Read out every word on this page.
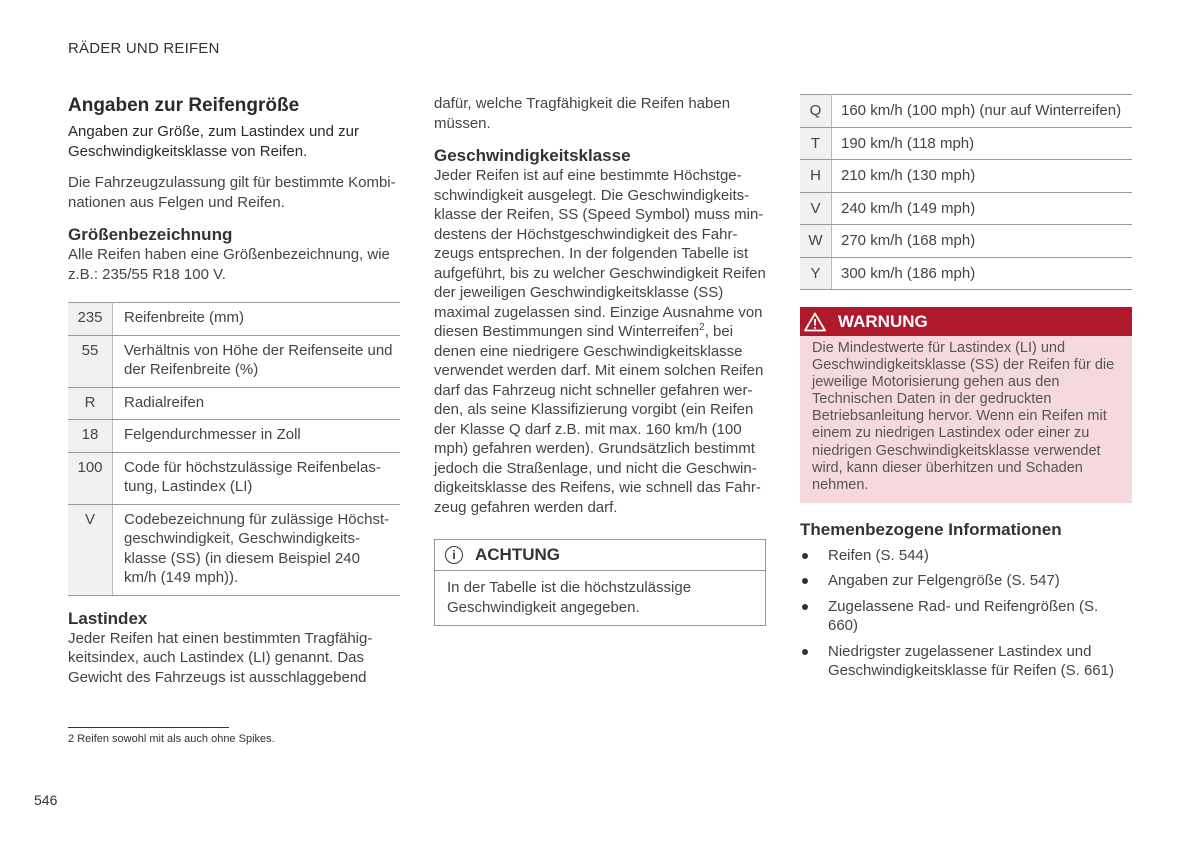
RÄDER UND REIFEN
Angaben zur Reifengröße

Angaben zur Größe, zum Lastindex und zur Geschwindigkeitsklasse von Reifen.

Die Fahrzeugzulassung gilt für bestimmte Kombinationen aus Felgen und Reifen.

Größenbezeichnung

Alle Reifen haben eine Größenbezeichnung, wie z.B.: 235/55 R18 100 V.

235	Reifenbreite (mm)
55	Verhältnis von Höhe der Reifenseite und der Reifenbreite (%)
R	Radialreifen
18	Felgendurchmesser in Zoll
100	Code für höchstzulässige Reifenbelastung, Lastindex (LI)
V	Codebezeichnung für zulässige Höchstgeschwindigkeit, Geschwindigkeitsklasse (SS) (in diesem Beispiel 240 km/h (149 mph)).
Lastindex

Jeder Reifen hat einen bestimmten Tragfähigkeitsindex, auch Lastindex (LI) genannt. Das Gewicht des Fahrzeugs ist ausschlaggebend

dafür, welche Tragfähigkeit die Reifen haben müssen.

Geschwindigkeitsklasse

Jeder Reifen ist auf eine bestimmte Höchstgeschwindigkeit ausgelegt. Die Geschwindigkeitsklasse der Reifen, SS (Speed Symbol) muss mindestens der Höchstgeschwindigkeit des Fahrzeugs entsprechen. In der folgenden Tabelle ist aufgeführt, bis zu welcher Geschwindigkeit Reifen der jeweiligen Geschwindigkeitsklasse (SS) maximal zugelassen sind. Einzige Ausnahme von diesen Bestimmungen sind Winterreifen$^2$, bei denen eine niedrigere Geschwindigkeitsklasse verwendet werden darf. Mit einem solchen Reifen darf das Fahrzeug nicht schneller gefahren werden, als seine Klassifizierung vorgibt (ein Reifen der Klasse Q darf z.B. mit max. 160 km/h (100 mph) gefahren werden). Grundsätzlich bestimmt jedoch die Straßenlage, und nicht die Geschwindigkeitsklasse des Reifens, wie schnell das Fahrzeug gefahren werden darf.

i	ACHTUNG

In der Tabelle ist die höchstzulässige Geschwindigkeit angegeben.

Q	160 km/h (100 mph) (nur auf Winterreifen)
T	190 km/h (118 mph)
H	210 km/h (130 mph)
V	240 km/h (149 mph)
W	270 km/h (168 mph)
Y	300 km/h (186 mph)
WARNUNG
Die Mindestwerte für Lastindex (LI) und Geschwindigkeitsklasse (SS) der Reifen für die jeweilige Motorisierung gehen aus den Technischen Daten in der gedruckten Betriebsanleitung hervor. Wenn ein Reifen mit einem zu niedrigen Lastindex oder einer zu niedrigen Geschwindigkeitsklasse verwendet wird, kann dieser überhitzen und Schaden nehmen.
Themenbezogene Informationen
Reifen (S. 544)
Angaben zur Felgengröße (S. 547)
Zugelassene Rad- und Reifengrößen (S. 660)
Niedrigster zugelassener Lastindex und Geschwindigkeitsklasse für Reifen (S. 661)
2 Reifen sowohl mit als auch ohne Spikes.
546
